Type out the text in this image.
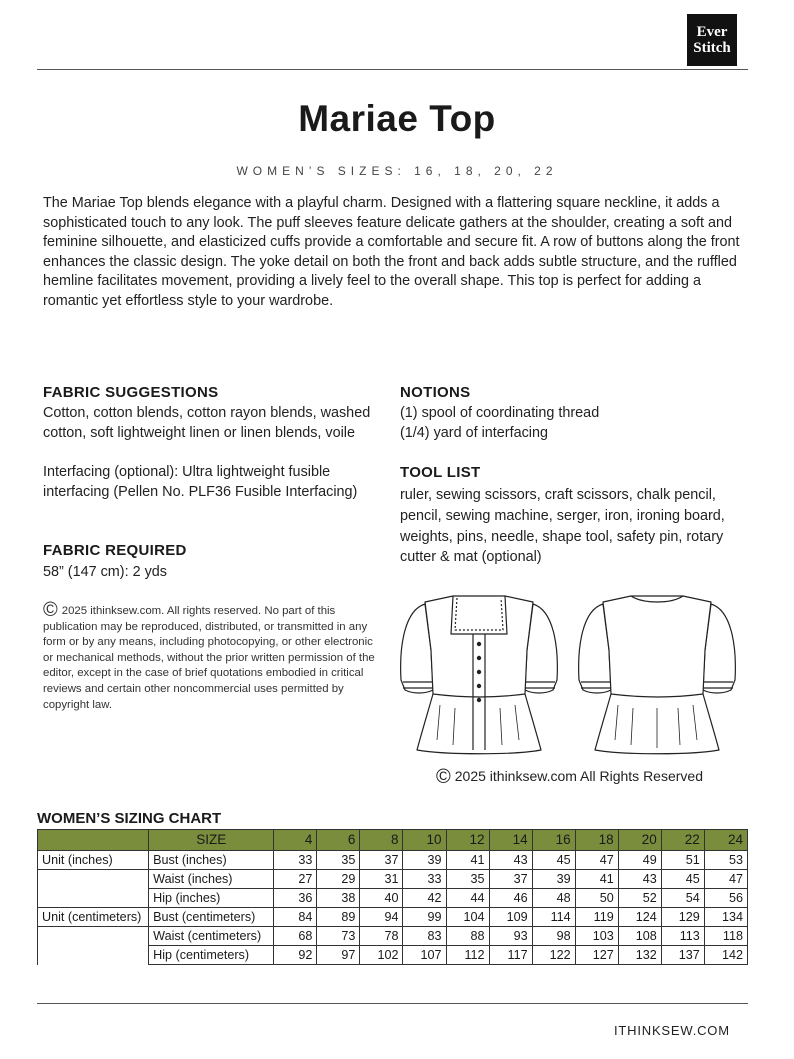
Ever
Stitch
Mariae Top
WOMEN’S SIZES: 16, 18, 20, 22
The Mariae Top blends elegance with a playful charm. Designed with a flattering square neckline, it adds a sophisticated touch to any look. The puff sleeves feature delicate gathers at the shoulder, creating a soft and feminine silhouette, and elasticized cuffs provide a comfortable and secure fit. A row of buttons along the front enhances the classic design. The yoke detail on both the front and back adds subtle structure, and the ruffled hemline facilitates movement, providing a lively feel to the overall shape. This top is perfect for adding a romantic yet effortless style to your wardrobe.
FABRIC SUGGESTIONS
Cotton, cotton blends, cotton rayon blends, washed cotton, soft lightweight linen or linen blends, voile
Interfacing (optional): Ultra lightweight fusible interfacing (Pellen No. PLF36 Fusible Interfacing)
FABRIC REQUIRED
58” (147 cm): 2 yds
© 2025 ithinksew.com. All rights reserved. No part of this publication may be reproduced, distributed, or transmitted in any form or by any means, including photocopying, or other electronic or mechanical methods, without the prior written permission of the editor, except in the case of brief quotations embodied in critical reviews and certain other noncommercial uses permitted by copyright law.
NOTIONS
(1) spool of coordinating thread
(1/4) yard of interfacing
TOOL LIST
ruler, sewing scissors, craft scissors, chalk pencil, pencil, sewing machine, serger, iron, ironing board, weights, pins, needle, shape tool, safety pin, rotary cutter & mat (optional)
© 2025 ithinksew.com All Rights Reserved
WOMEN’S SIZING CHART
	SIZE	4	6	8	10	12	14	16	18	20	22	24
Unit (inches)	Bust (inches)	33	35	37	39	41	43	45	47	49	51	53
	Waist (inches)	27	29	31	33	35	37	39	41	43	45	47
	Hip (inches)	36	38	40	42	44	46	48	50	52	54	56
Unit (centimeters)	Bust (centimeters)	84	89	94	99	104	109	114	119	124	129	134
	Waist (centimeters)	68	73	78	83	88	93	98	103	108	113	118
	Hip (centimeters)	92	97	102	107	112	117	122	127	132	137	142
ITHINKSEW.COM
